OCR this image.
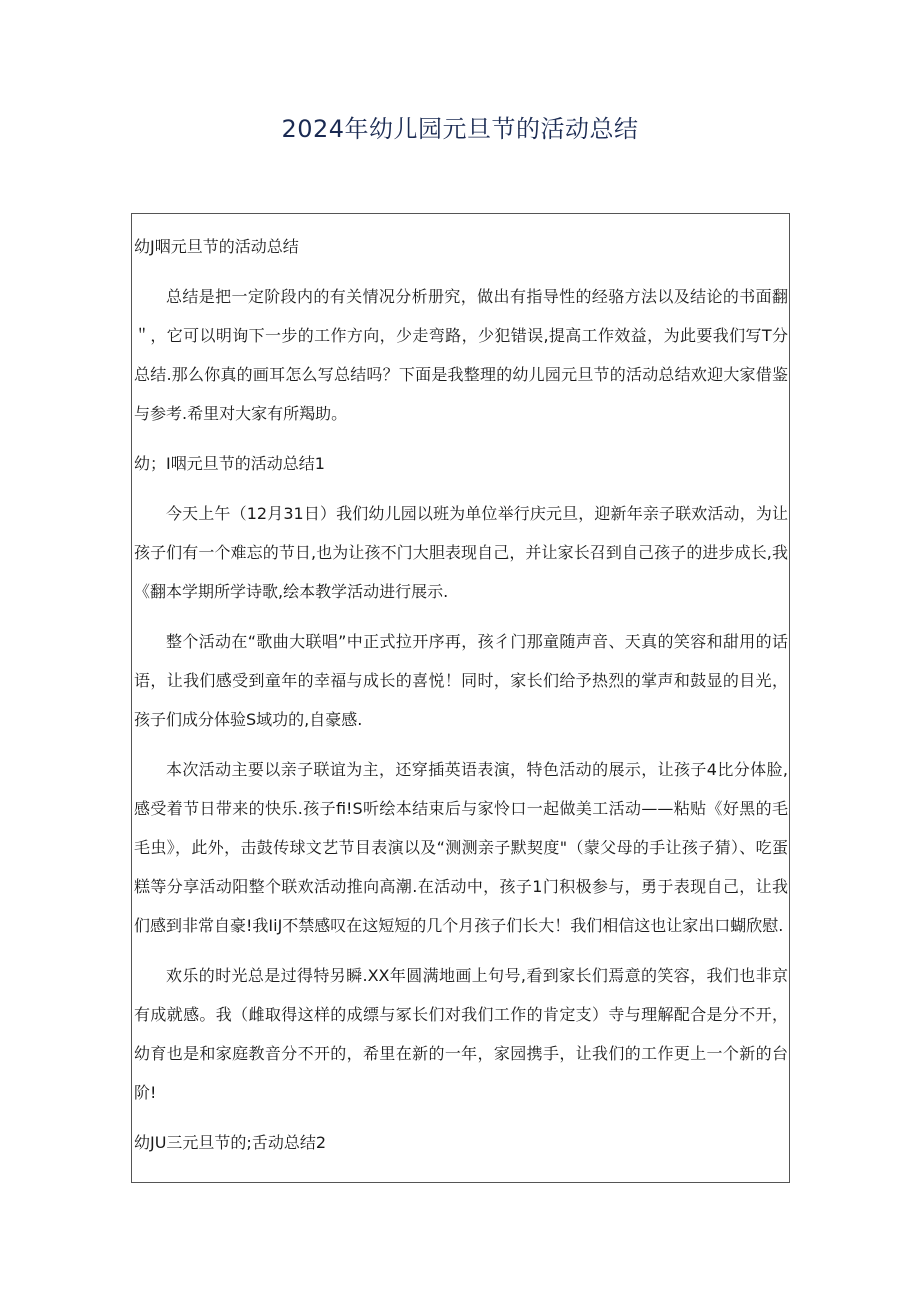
2024年幼儿园元旦节的活动总结

幼J咽元旦节的活动总结

总结是把一定阶段内的有关情况分析册究，做出有指导性的经骆方法以及结论的书面翻＂，它可以明询下一步的工作方向，少走弯路，少犯错误,提高工作效益，为此要我们写T分总结.那么你真的画耳怎么写总结吗？下面是我整理的幼儿园元旦节的活动总结欢迎大家借鉴与参考.希里对大家有所羯助。

幼；I咽元旦节的活动总结1

今天上午（12月31日）我们幼儿园以班为单位举行庆元旦，迎新年亲子联欢活动，为让孩子们有一个难忘的节日,也为让孩不门大胆表现自己，并让家长召到自己孩子的进步成长,我《翻本学期所学诗歌,绘本教学活动进行展示.

整个活动在“歌曲大联唱”中正式拉开序再，孩彳门那童随声音、天真的笑容和甜用的话语，让我们感受到童年的幸福与成长的喜悦！同时，家长们给予热烈的掌声和鼓显的目光，孩子们成分体验S域功的,自豪感.

本次活动主要以亲子联谊为主，还穿插英语表演，特色活动的展示，让孩子4比分体脸,感受着节日带来的快乐.孩子fi!S听绘本结束后与家怜口一起做美工活动——粘贴《好黑的毛毛虫》，此外，击鼓传球文艺节目表演以及“测测亲子默契度"（蒙父母的手让孩子猜）、吃蛋糕等分享活动阳整个联欢活动推向高潮.在活动中，孩子1门积极参与，勇于表现自己，让我们感到非常自豪!我IiJ不禁感叹在这短短的几个月孩子们长大！我们相信这也让家出口蝴欣慰.

欢乐的时光总是过得特另瞬.XX年圆满地画上句号,看到家长们焉意的笑容，我们也非京有成就感。我（雌取得这样的成缥与冢长们对我们工作的肯定支）寺与理解配合是分不开，幼育也是和家庭教音分不开的，希里在新的一年，家园携手，让我们的工作更上一个新的台阶!

幼JU三元旦节的;舌动总结2
